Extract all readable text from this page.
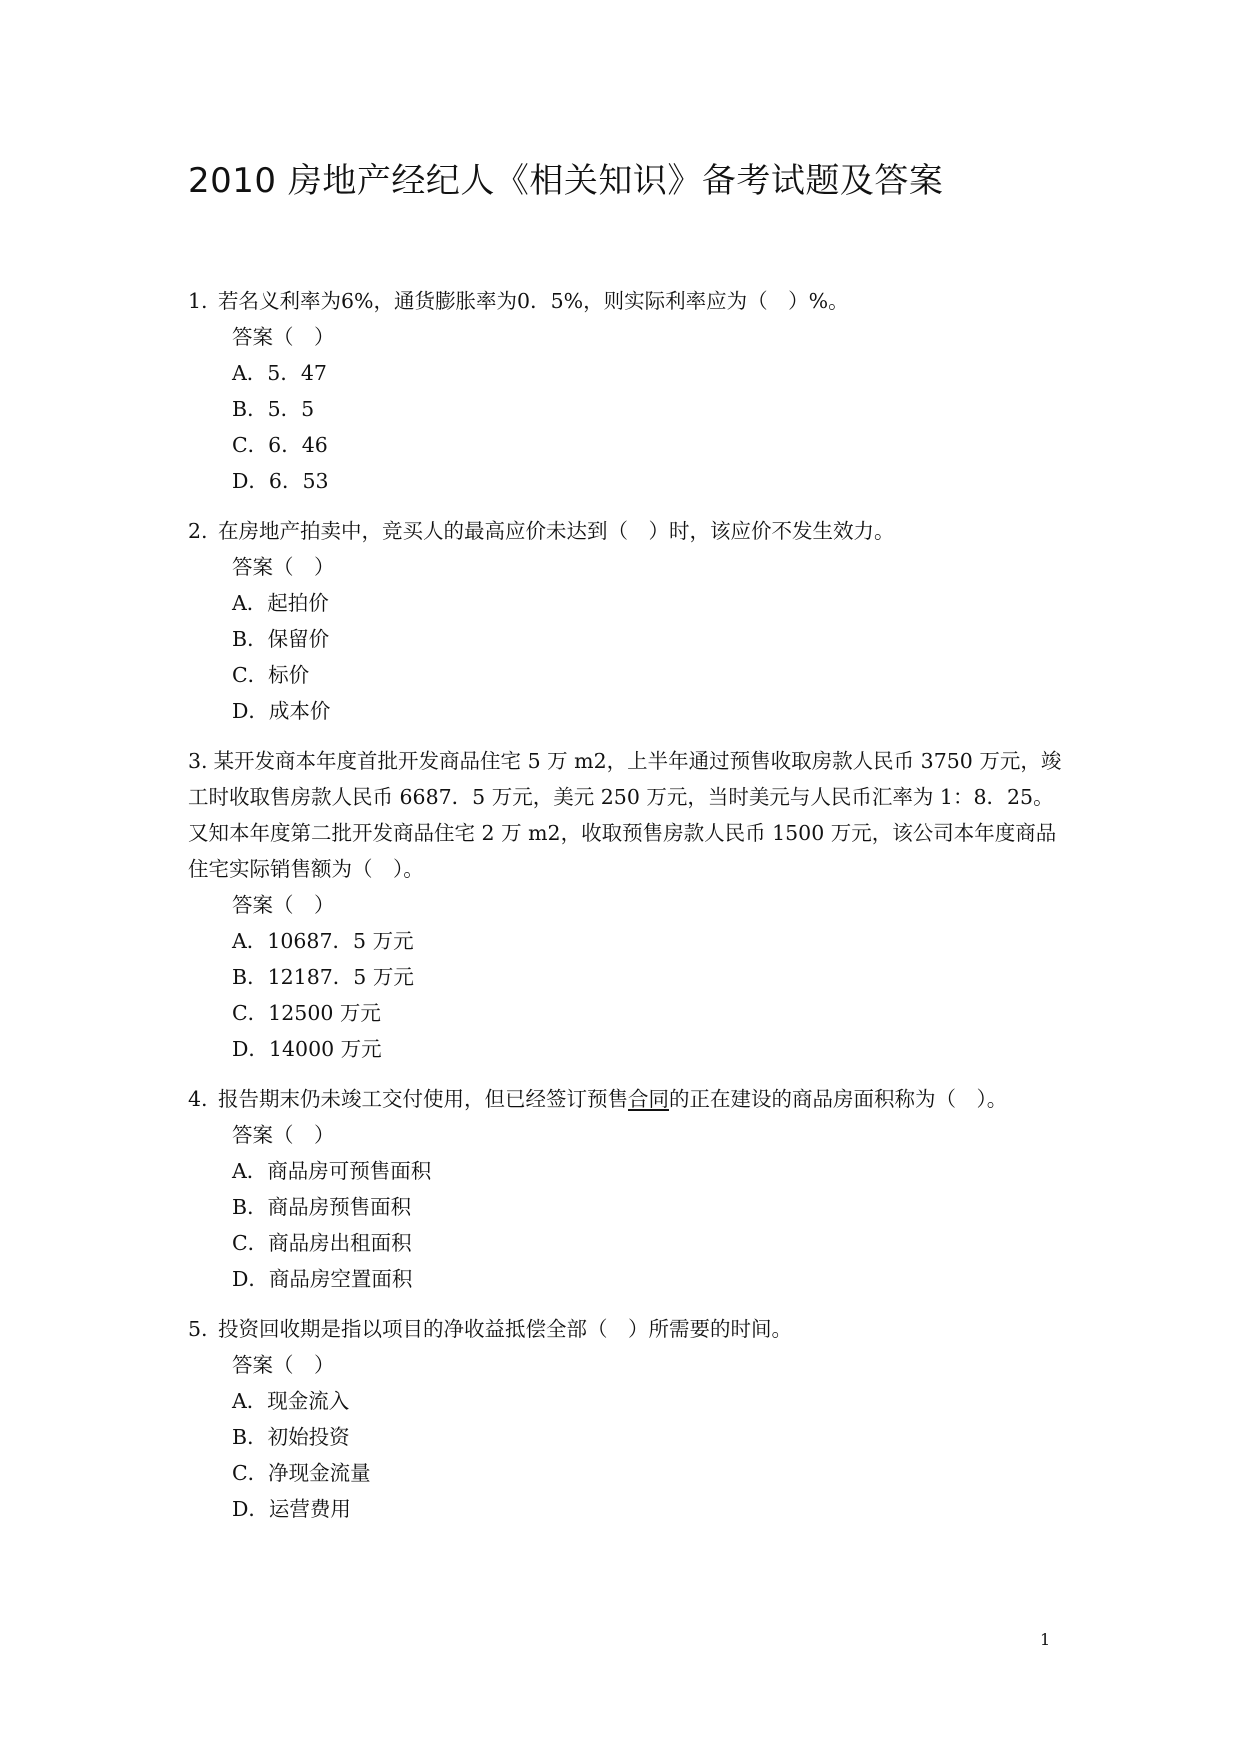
2010 房地产经纪人《相关知识》备考试题及答案

1. 若名义利率为6%，通货膨胀率为0．5%，则实际利率应为（　）%。

答案（　）

A．5．47

B．5．5

C．6．46

D．6．53

2. 在房地产拍卖中，竞买人的最高应价未达到（　）时，该应价不发生效力。

答案（　）

A．起拍价

B．保留价

C．标价

D．成本价

3. 某开发商本年度首批开发商品住宅 5 万 m2，上半年通过预售收取房款人民币 3750 万元，竣工时收取售房款人民币 6687．5 万元，美元 250 万元，当时美元与人民币汇率为 1：8．25。又知本年度第二批开发商品住宅 2 万 m2，收取预售房款人民币 1500 万元，该公司本年度商品住宅实际销售额为（　）。

答案（　）

A．10687．5 万元

B．12187．5 万元

C．12500 万元

D．14000 万元

4. 报告期末仍未竣工交付使用，但已经签订预售合同的正在建设的商品房面积称为（　）。

答案（　）

A．商品房可预售面积

B．商品房预售面积

C．商品房出租面积

D．商品房空置面积

5. 投资回收期是指以项目的净收益抵偿全部（　）所需要的时间。

答案（　）

A．现金流入

B．初始投资

C．净现金流量

D．运营费用

1
